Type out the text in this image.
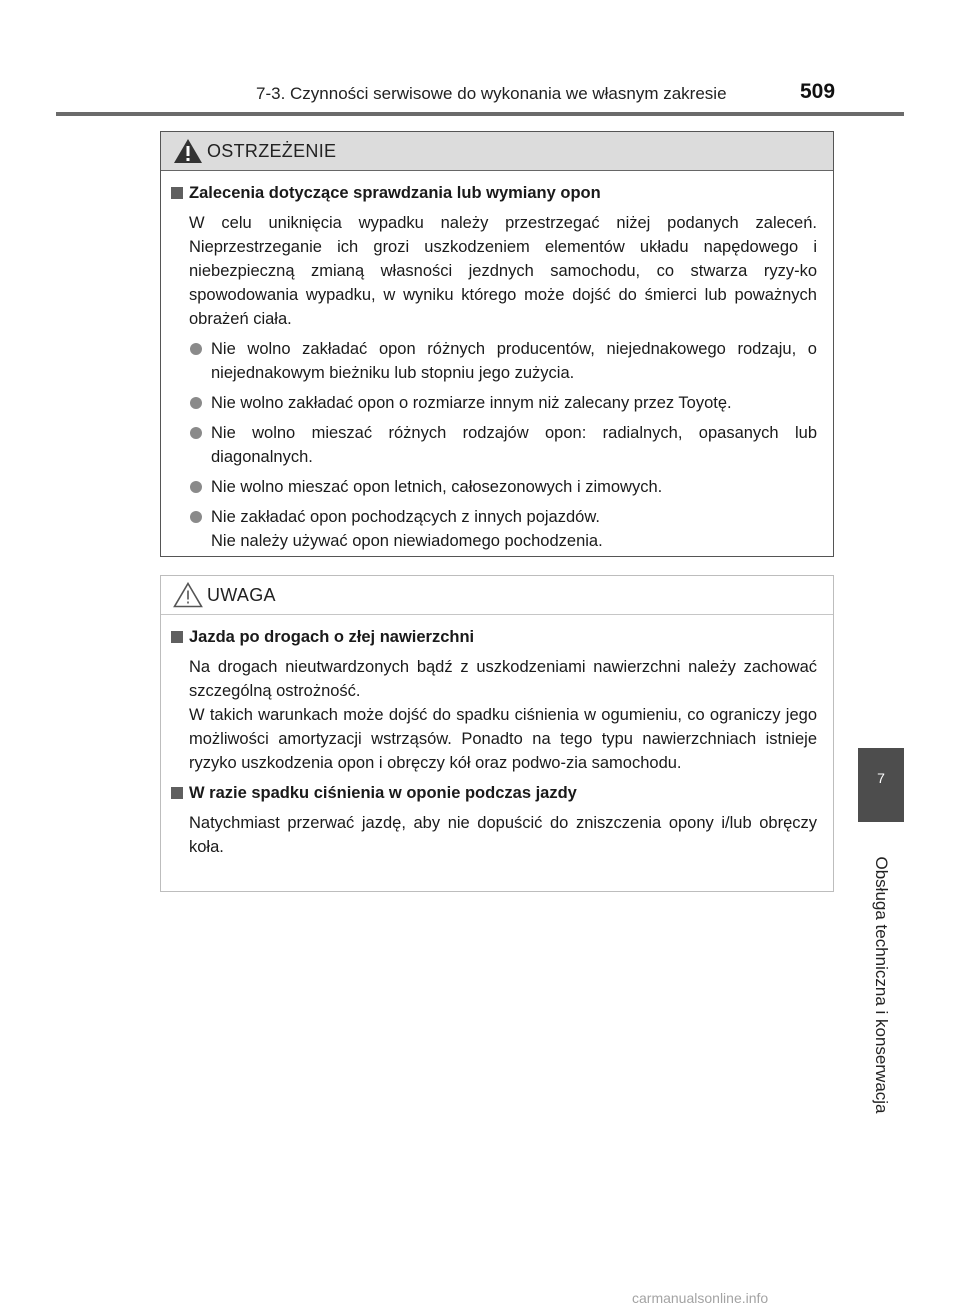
7-3. Czynności serwisowe do wykonania we własnym zakresie	509
OSTRZEŻENIE
Zalecenia dotyczące sprawdzania lub wymiany opon
W celu uniknięcia wypadku należy przestrzegać niżej podanych zaleceń. Nieprzestrzeganie ich grozi uszkodzeniem elementów układu napędowego i niebezpieczną zmianą własności jezdnych samochodu, co stwarza ryzy-ko spowodowania wypadku, w wyniku którego może dojść do śmierci lub poważnych obrażeń ciała.
Nie wolno zakładać opon różnych producentów, niejednakowego rodzaju, o niejednakowym bieżniku lub stopniu jego zużycia.
Nie wolno zakładać opon o rozmiarze innym niż zalecany przez Toyotę.
Nie wolno mieszać różnych rodzajów opon: radialnych, opasanych lub diagonalnych.
Nie wolno mieszać opon letnich, całosezonowych i zimowych.
Nie zakładać opon pochodzących z innych pojazdów.
Nie należy używać opon niewiadomego pochodzenia.
UWAGA
Jazda po drogach o złej nawierzchni
Na drogach nieutwardzonych bądź z uszkodzeniami nawierzchni należy zachować szczególną ostrożność.
W takich warunkach może dojść do spadku ciśnienia w ogumieniu, co ograniczy jego możliwości amortyzacji wstrząsów. Ponadto na tego typu nawierzchniach istnieje ryzyko uszkodzenia opon i obręczy kół oraz podwo-zia samochodu.
W razie spadku ciśnienia w oponie podczas jazdy
Natychmiast przerwać jazdę, aby nie dopuścić do zniszczenia opony i/lub obręczy koła.
7
Obsługa techniczna i konserwacja
carmanualsonline.info
